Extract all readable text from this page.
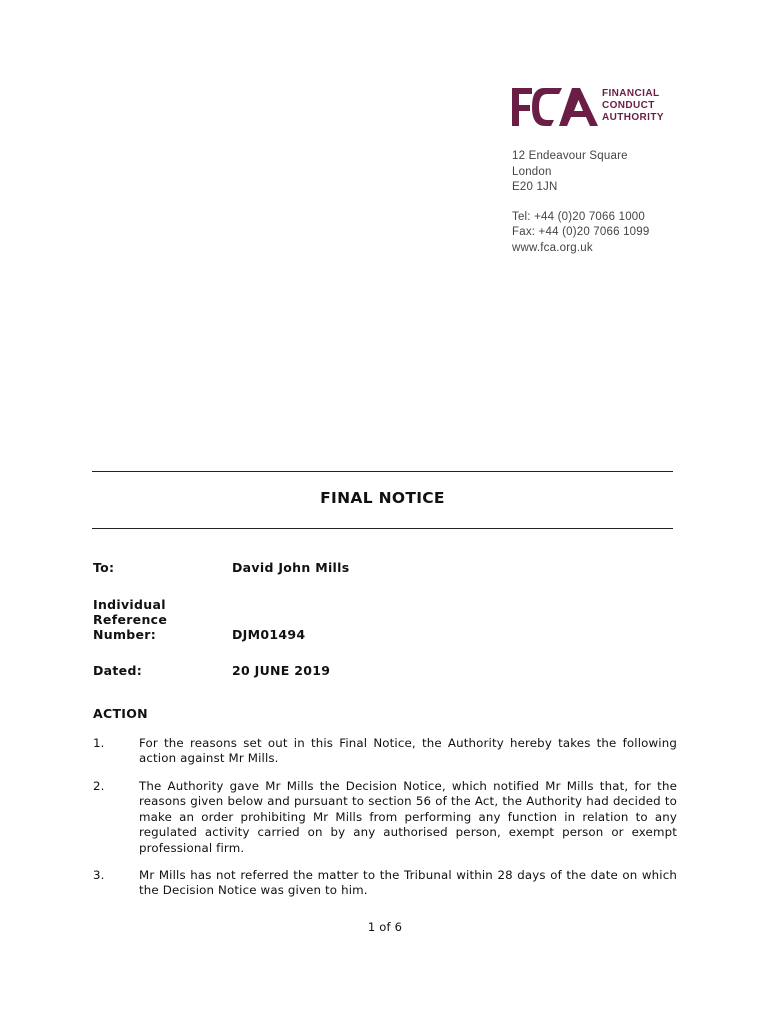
FINANCIAL
CONDUCT
AUTHORITY
12 Endeavour Square
London
E20 1JN
Tel: +44 (0)20 7066 1000
Fax: +44 (0)20 7066 1099
www.fca.org.uk
FINAL NOTICE
To:	David John Mills
Individual
Reference
Number:	DJM01494
Dated:	20 JUNE 2019
ACTION
1.	For the reasons set out in this Final Notice, the Authority hereby takes the following action against Mr Mills.
2.	The Authority gave Mr Mills the Decision Notice, which notified Mr Mills that, for the reasons given below and pursuant to section 56 of the Act, the Authority had decided to make an order prohibiting Mr Mills from performing any function in relation to any regulated activity carried on by any authorised person, exempt person or exempt professional firm.
3.	Mr Mills has not referred the matter to the Tribunal within 28 days of the date on which the Decision Notice was given to him.
1 of 6
